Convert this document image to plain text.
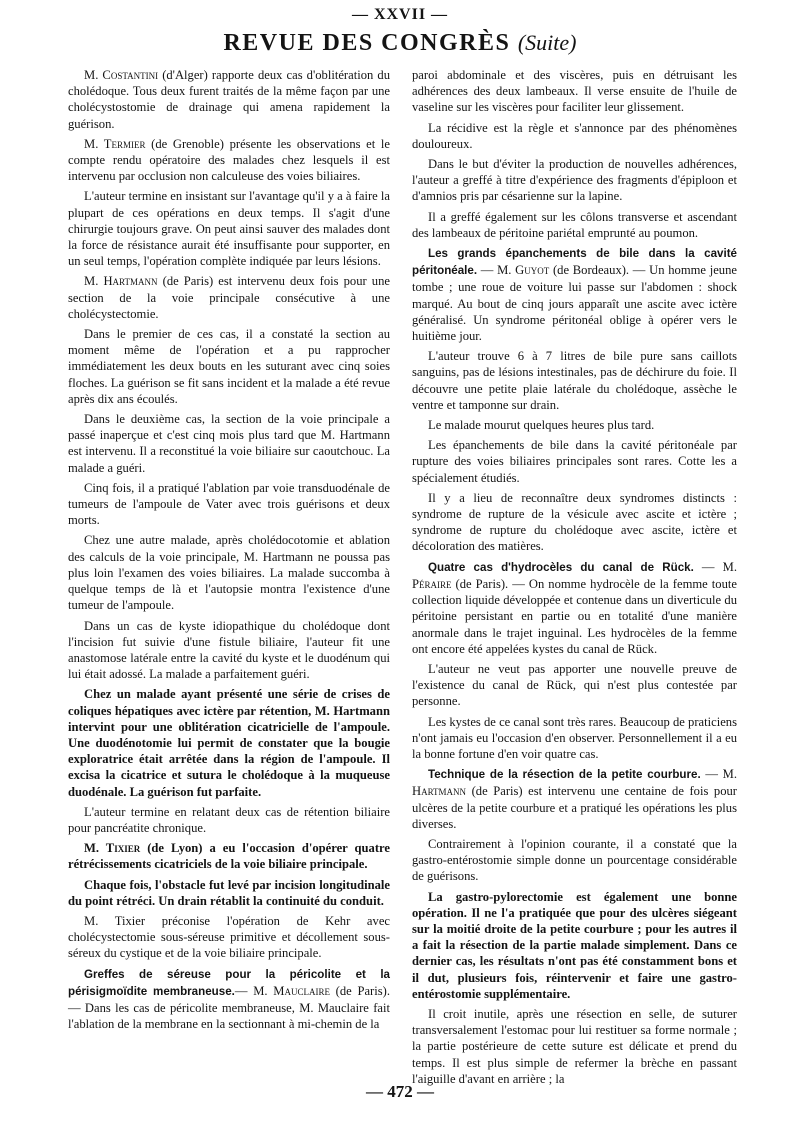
— XXVII —
REVUE DES CONGRÈS (Suite)

M. Costantini (d'Alger) rapporte deux cas d'oblitération du cholédoque. Tous deux furent traités de la même façon par une cholécystostomie de drainage qui amena rapidement la guérison.

M. Termier (de Grenoble) présente les observations et le compte rendu opératoire des malades chez lesquels il est intervenu par occlusion non calculeuse des voies biliaires.

L'auteur termine en insistant sur l'avantage qu'il y a à faire la plupart de ces opérations en deux temps. Il s'agit d'une chirurgie toujours grave. On peut ainsi sauver des malades dont la force de résistance aurait été insuffisante pour supporter, en un seul temps, l'opération complète indiquée par leurs lésions.

M. Hartmann (de Paris) est intervenu deux fois pour une section de la voie principale consécutive à une cholécystectomie.

Dans le premier de ces cas, il a constaté la section au moment même de l'opération et a pu rapprocher immédiatement les deux bouts en les suturant avec cinq soies floches. La guérison se fit sans incident et la malade a été revue après dix ans écoulés.

Dans le deuxième cas, la section de la voie principale a passé inaperçue et c'est cinq mois plus tard que M. Hartmann est intervenu. Il a reconstitué la voie biliaire sur caoutchouc. La malade a guéri.

Cinq fois, il a pratiqué l'ablation par voie transduodénale de tumeurs de l'ampoule de Vater avec trois guérisons et deux morts.

Chez une autre malade, après cholédocotomie et ablation des calculs de la voie principale, M. Hartmann ne poussa pas plus loin l'examen des voies biliaires. La malade succomba à quelque temps de là et l'autopsie montra l'existence d'une tumeur de l'ampoule.

Dans un cas de kyste idiopathique du cholédoque dont l'incision fut suivie d'une fistule biliaire, l'auteur fit une anastomose latérale entre la cavité du kyste et le duodénum qui lui était adossé. La malade a parfaitement guéri.

Chez un malade ayant présenté une série de crises de coliques hépatiques avec ictère par rétention, M. Hartmann intervint pour une oblitération cicatricielle de l'ampoule. Une duodénotomie lui permit de constater que la bougie exploratrice était arrêtée dans la région de l'ampoule. Il excisa la cicatrice et sutura le cholédoque à la muqueuse duodénale. La guérison fut parfaite.

L'auteur termine en relatant deux cas de rétention biliaire pour pancréatite chronique.

M. Tixier (de Lyon) a eu l'occasion d'opérer quatre rétrécissements cicatriciels de la voie biliaire principale.

Chaque fois, l'obstacle fut levé par incision longitudinale du point rétréci. Un drain rétablit la continuité du conduit.

M. Tixier préconise l'opération de Kehr avec cholécystectomie sous-séreuse primitive et décollement sous-séreux du cystique et de la voie biliaire principale.

Greffes de séreuse pour la péricolite et la périsigmoïdite membraneuse.— M. Mauclaire (de Paris). — Dans les cas de péricolite membraneuse, M. Mauclaire fait l'ablation de la membrane en la sectionnant à mi-chemin de la

paroi abdominale et des viscères, puis en détruisant les adhérences des deux lambeaux. Il verse ensuite de l'huile de vaseline sur les viscères pour faciliter leur glissement.

La récidive est la règle et s'annonce par des phénomènes douloureux.

Dans le but d'éviter la production de nouvelles adhérences, l'auteur a greffé à titre d'expérience des fragments d'épiploon et d'amnios pris par césarienne sur la lapine.

Il a greffé également sur les côlons transverse et ascendant des lambeaux de péritoine pariétal emprunté au poumon.

Les grands épanchements de bile dans la cavité péritonéale. — M. Guyot (de Bordeaux). — Un homme jeune tombe ; une roue de voiture lui passe sur l'abdomen : shock marqué. Au bout de cinq jours apparaît une ascite avec ictère généralisé. Un syndrome péritonéal oblige à opérer vers le huitième jour.

L'auteur trouve 6 à 7 litres de bile pure sans caillots sanguins, pas de lésions intestinales, pas de déchirure du foie. Il découvre une petite plaie latérale du cholédoque, assèche le ventre et tamponne sur drain.

Le malade mourut quelques heures plus tard.

Les épanchements de bile dans la cavité péritonéale par rupture des voies biliaires principales sont rares. Cotte les a spécialement étudiés.

Il y a lieu de reconnaître deux syndromes distincts : syndrome de rupture de la vésicule avec ascite et ictère ; syndrome de rupture du cholédoque avec ascite, ictère et décoloration des matières.

Quatre cas d'hydrocèles du canal de Rück. — M. Péraire (de Paris). — On nomme hydrocèle de la femme toute collection liquide développée et contenue dans un diverticule du péritoine persistant en partie ou en totalité d'une manière anormale dans le trajet inguinal. Les hydrocèles de la femme ont encore été appelées kystes du canal de Rück.

L'auteur ne veut pas apporter une nouvelle preuve de l'existence du canal de Rück, qui n'est plus contestée par personne.

Les kystes de ce canal sont très rares. Beaucoup de praticiens n'ont jamais eu l'occasion d'en observer. Personnellement il a eu la bonne fortune d'en voir quatre cas.

Technique de la résection de la petite courbure. — M. Hartmann (de Paris) est intervenu une centaine de fois pour ulcères de la petite courbure et a pratiqué les opérations les plus diverses.

Contrairement à l'opinion courante, il a constaté que la gastro-entérostomie simple donne un pourcentage considérable de guérisons.

La gastro-pylorectomie est également une bonne opération. Il ne l'a pratiquée que pour des ulcères siégeant sur la moitié droite de la petite courbure ; pour les autres il a fait la résection de la partie malade simplement. Dans ce dernier cas, les résultats n'ont pas été constamment bons et il dut, plusieurs fois, réintervenir et faire une gastro-entérostomie supplémentaire.

Il croit inutile, après une résection en selle, de suturer transversalement l'estomac pour lui restituer sa forme normale ; la partie postérieure de cette suture est délicate et prend du temps. Il est plus simple de refermer la brèche en passant l'aiguille d'avant en arrière ; la

— 472 —
